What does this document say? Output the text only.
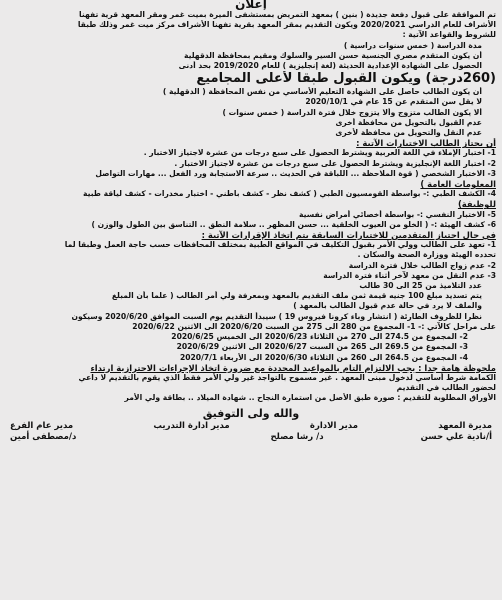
إعلان
تم الموافقة على قبول دفعة جديدة ( بنين ) بمعهد التمريض بمستشفى الميرة بميت غمر ومقر المعهد قرية تفهنا
الأشراف للعام الدراسي 2020/2021 ويكون التقديم بمقر المعهد بقرية تفهنا الأشراف مركز ميت غمر وذلك طبقا
للشروط والقواعد الآتية :
مدة الدراسة ( خمس سنوات دراسية )
أن يكون المتقدم مصري الجنسية حسن السير والسلوك ومقيم بمحافظة الدقهلية
الحصول على الشهادة الإعدادية الحديثة (لغة إنجليزية ) للعام 2019/2020 بحد أدنى
(260درجة) ويكون القبول طبقا لأعلى المجاميع
أن يكون الطالب حاصل على الشهادة التعليم الأساسي من نفس المحافظة ( الدقهلية )
لا يقل سن المتقدم عن 15 عام في 2020/10/1
ألا يكون الطالب متزوج وألا يتزوج خلال فترة الدراسة ( خمس سنوات )
عدم القبول بالتحويل من محافظة أخرى
عدم النقل والتحويل من محافظة لأخرى
أن يجتاز الطالب الاختبارات الآتية :
1- اختبار الإملاء في اللغة العربية ويشترط الحصول على سبع درجات من عشرة لاجتياز الاختبار .
2- اختبار اللغة الإنجليزية ويشترط الحصول على سبع درجات من عشرة لاجتياز الاختبار .
3- الاختبار الشخصي ( قوة الملاحظة ... اللباقة في الحديث .. سرعة الاستجابة ورد الفعل ... مهارات التواصل
المعلومات العامة )
4- الكشف الطبي :- بواسطة القومسيون الطبي ( كشف نظر - كشف باطني - اختبار مخدرات - كشف لياقة طبية
للوظيفة)
5- الاختبار النفسي :- بواسطة أخصائي أمراض نفسية
6- كشف الهيئة :- ( الخلو من العيوب الخلقية ... حسن المظهر .. سلامة النطق .. التناسق بين الطول والوزن )
في حال اجتياز المتقدمين للاختبارات السابقة يتم اتخاذ الإقرارات الآتية :
1- تعهد على الطالب وولي الأمر بقبول التكليف في المواقع الطبية بمختلف المحافظات حسب حاجة العمل وطبقا لما
تحدده الهيئة ووزارة الصحة والسكان .
2- عدم زواج الطالب خلال فترة الدراسة
3- عدم النقل من معهد لآخر أثناء فترة الدراسة
عدد التلاميذ من 25 الى 30 طالب
يتم تسديد مبلغ 100 جنيه قيمة ثمن ملف التقديم بالمعهد وبمعرفة ولي أمر الطالب ( علما بأن المبلغ
والملف لا يرد في حالة عدم قبول الطالب بالمعهد )
نظرا للظروف الطارئة ( انتشار وباء كرونا فيروس 19 ) سيبدأ التقديم يوم السبت الموافق 2020/6/20 وسيكون
على مراحل كالآتي :- 1- المجموع من 280 الى 275 من السبت 2020/6/20 الى الاثنين 2020/6/22
2- المجموع من 274.5 الى 270 من الثلاثاء 2020/6/23 الى الخميس 2020/6/25
3- المجموع من 269.5 الى 265 من السبت 2020/6/27 الى الاثنين 2020/6/29
4- المجموع من 264.5 الى 260 من الثلاثاء 2020/6/30 الى الأربعاء 2020/7/1
ملحوظة هامة جدا : يجب الالتزام التام بالمواعيد المحددة مع ضرورة اتخاذ الإجراءات الاحترازية ارتداء
الكمامة شرط أساسي لدخول مبنى المعهد . غير مسموح بالتواجد غير ولي الأمر فقط الذي يقوم بالتقديم لا داعي
لحضور الطالب في التقديم
الأوراق المطلوبة للتقديم : صورة طبق الأصل من استمارة النجاح .. شهادة الميلاد .. بطاقة ولي الأمر
والله ولى التوفيق
مديرة المعهد
مدير الادارة
مدير ادارة التدريب
مدير عام الفرع
أ/نادية علي حسن
د/ رشا مصلح
د/مصطفى أمين
